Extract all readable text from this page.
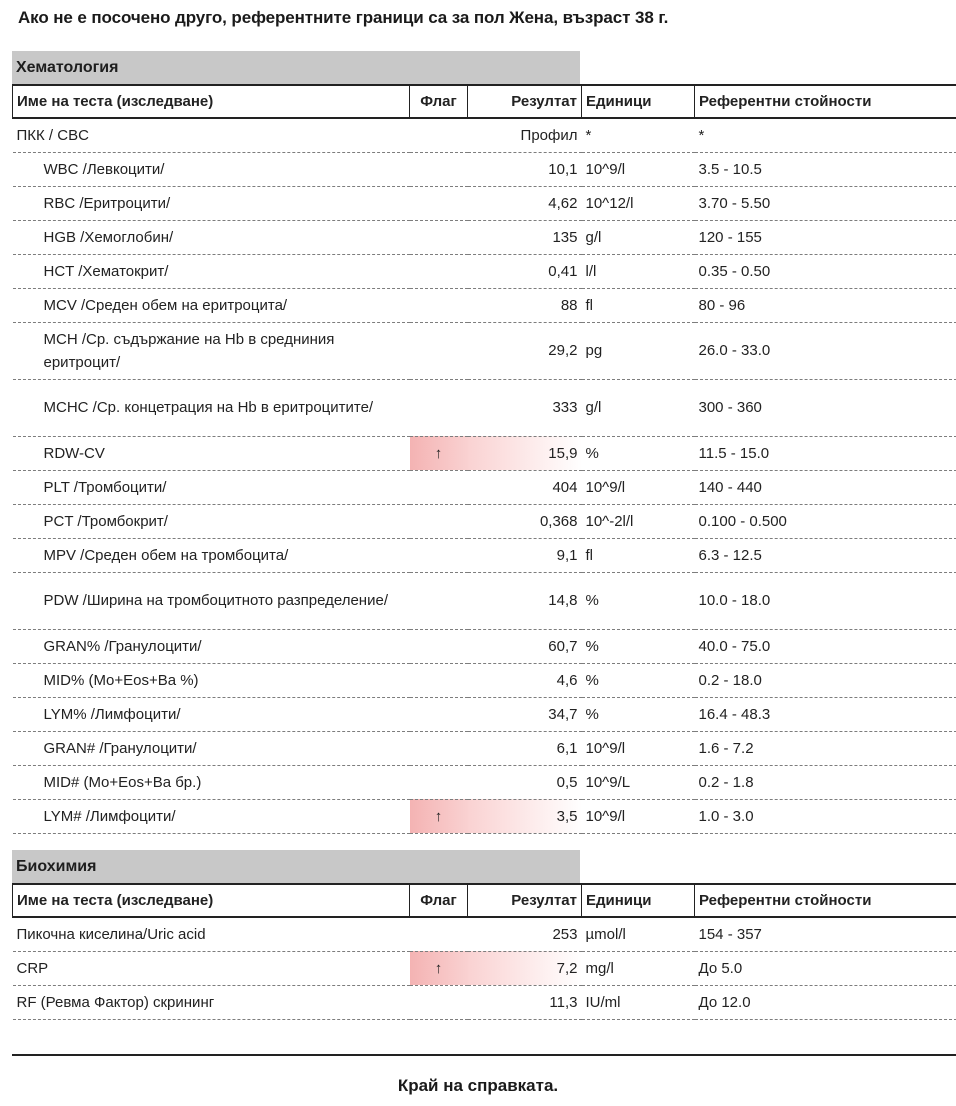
Ако не е посочено друго, референтните граници са за пол Жена, възраст 38 г.
Хематология
Име на теста (изследване)	Флаг	Резултат	Единици	Референтни стойности
ПКК / CBC		Профил	*	*
WBC /Левкоцити/		10,1	10^9/l	3.5 - 10.5
RBC /Еритроцити/		4,62	10^12/l	3.70 - 5.50
HGB /Хемоглобин/		135	g/l	120 - 155
HCT /Хематокрит/		0,41	l/l	0.35 - 0.50
MCV /Среден обем на еритроцита/		88	fl	80 - 96
MCH /Ср. съдържание на Hb в средниния еритроцит/		29,2	pg	26.0 - 33.0
MCHC /Ср. концетрация на Hb в еритроцитите/		333	g/l	300 - 360
RDW-CV	↑	15,9	%	11.5 - 15.0
PLT /Тромбоцити/		404	10^9/l	140 - 440
PCT /Тромбокрит/		0,368	10^-2l/l	0.100 - 0.500
MPV /Среден обем на тромбоцита/		9,1	fl	6.3 - 12.5
PDW /Ширина на тромбоцитното разпределение/		14,8	%	10.0 - 18.0
GRAN% /Гранулоцити/		60,7	%	40.0 - 75.0
MID% (Mo+Eos+Ba %)		4,6	%	0.2 - 18.0
LYM% /Лимфоцити/		34,7	%	16.4 - 48.3
GRAN# /Гранулоцити/		6,1	10^9/l	1.6 - 7.2
MID# (Mo+Eos+Ba бр.)		0,5	10^9/L	0.2 - 1.8
LYM# /Лимфоцити/	↑	3,5	10^9/l	1.0 - 3.0
Биохимия
Име на теста (изследване)	Флаг	Резултат	Единици	Референтни стойности
Пикочна киселина/Uric acid		253	µmol/l	154 - 357
CRP	↑	7,2	mg/l	До 5.0
RF (Ревма Фактор) скрининг		11,3	IU/ml	До 12.0
Край на справката.
